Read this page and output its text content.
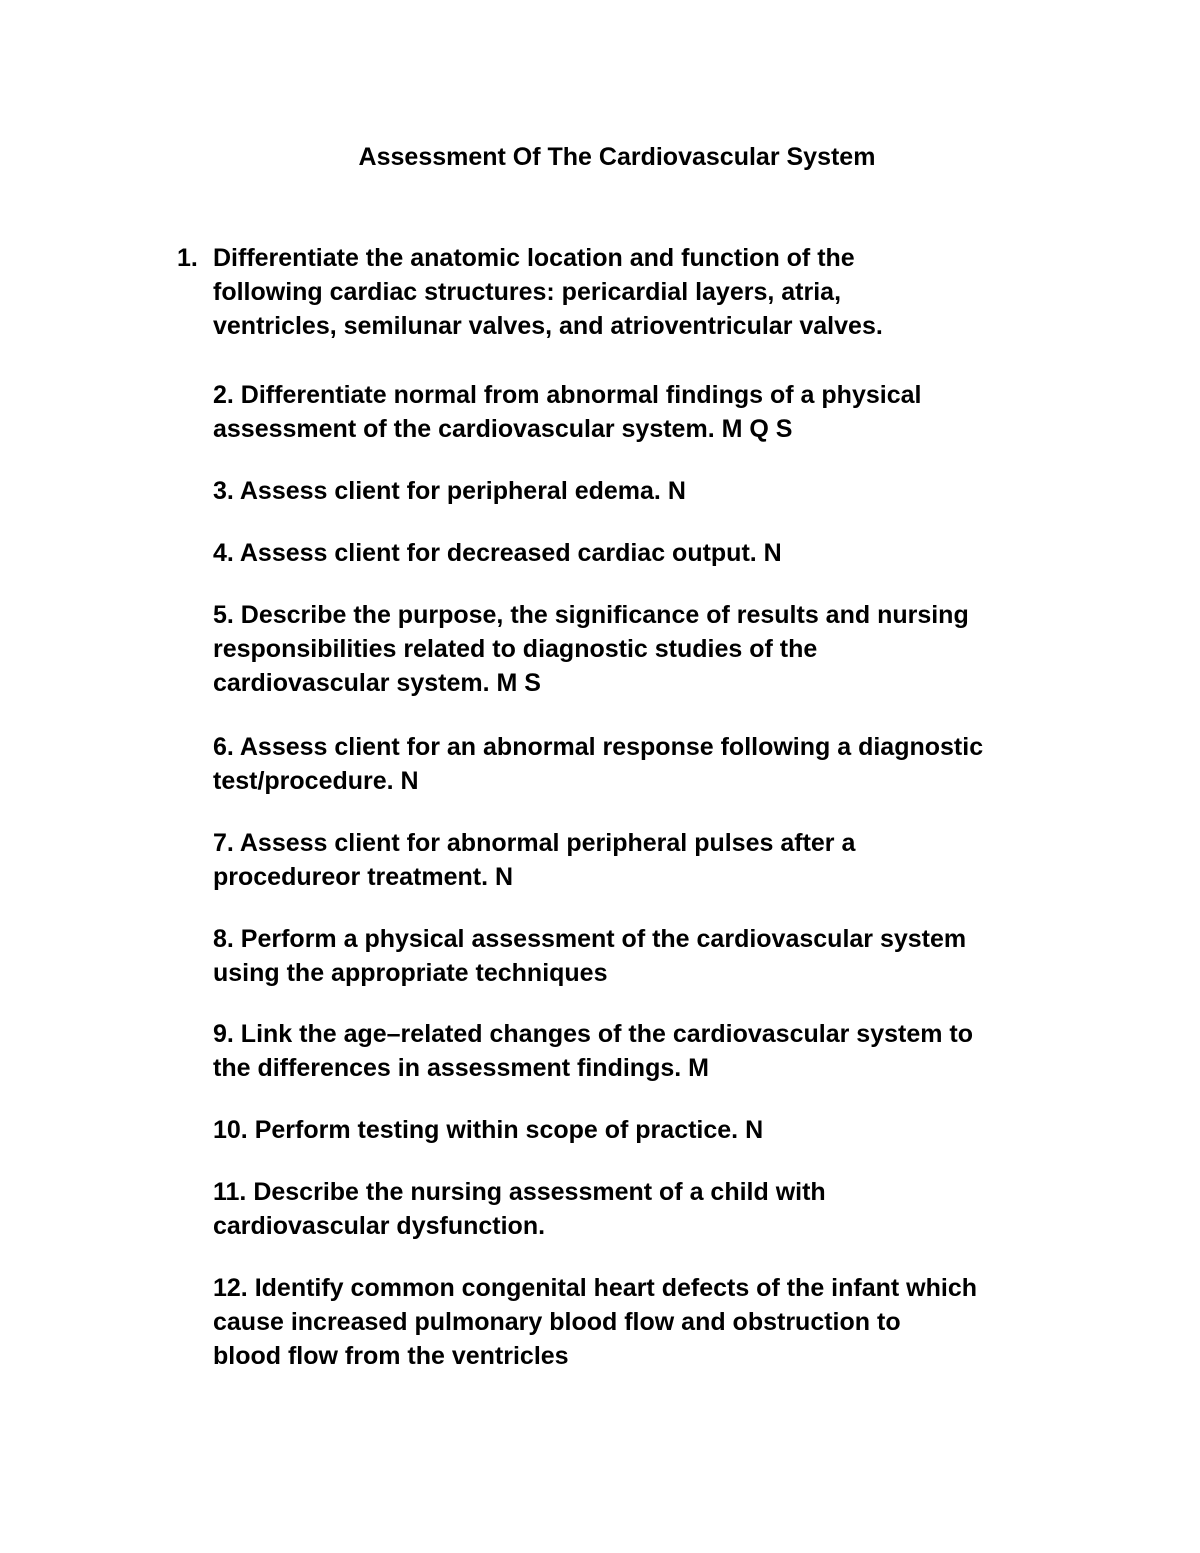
Assessment Of The Cardiovascular System
1. Differentiate the anatomic location and function of the
following cardiac structures: pericardial layers, atria,
ventricles, semilunar valves, and atrioventricular valves.

2. Differentiate normal from abnormal findings of a physical
assessment of the cardiovascular system. M Q S

3. Assess client for peripheral edema. N

4. Assess client for decreased cardiac output. N

5. Describe the purpose, the significance of results and nursing
responsibilities related to diagnostic studies of the
cardiovascular system. M S

6. Assess client for an abnormal response following a diagnostic
test/procedure. N

7. Assess client for abnormal peripheral pulses after a
procedureor treatment. N

8. Perform a physical assessment of the cardiovascular system
using the appropriate techniques

9. Link the age–related changes of the cardiovascular system to
the differences in assessment findings. M

10. Perform testing within scope of practice. N

11. Describe the nursing assessment of a child with
cardiovascular dysfunction.

12. Identify common congenital heart defects of the infant which
cause increased pulmonary blood flow and obstruction to
blood flow from the ventricles
